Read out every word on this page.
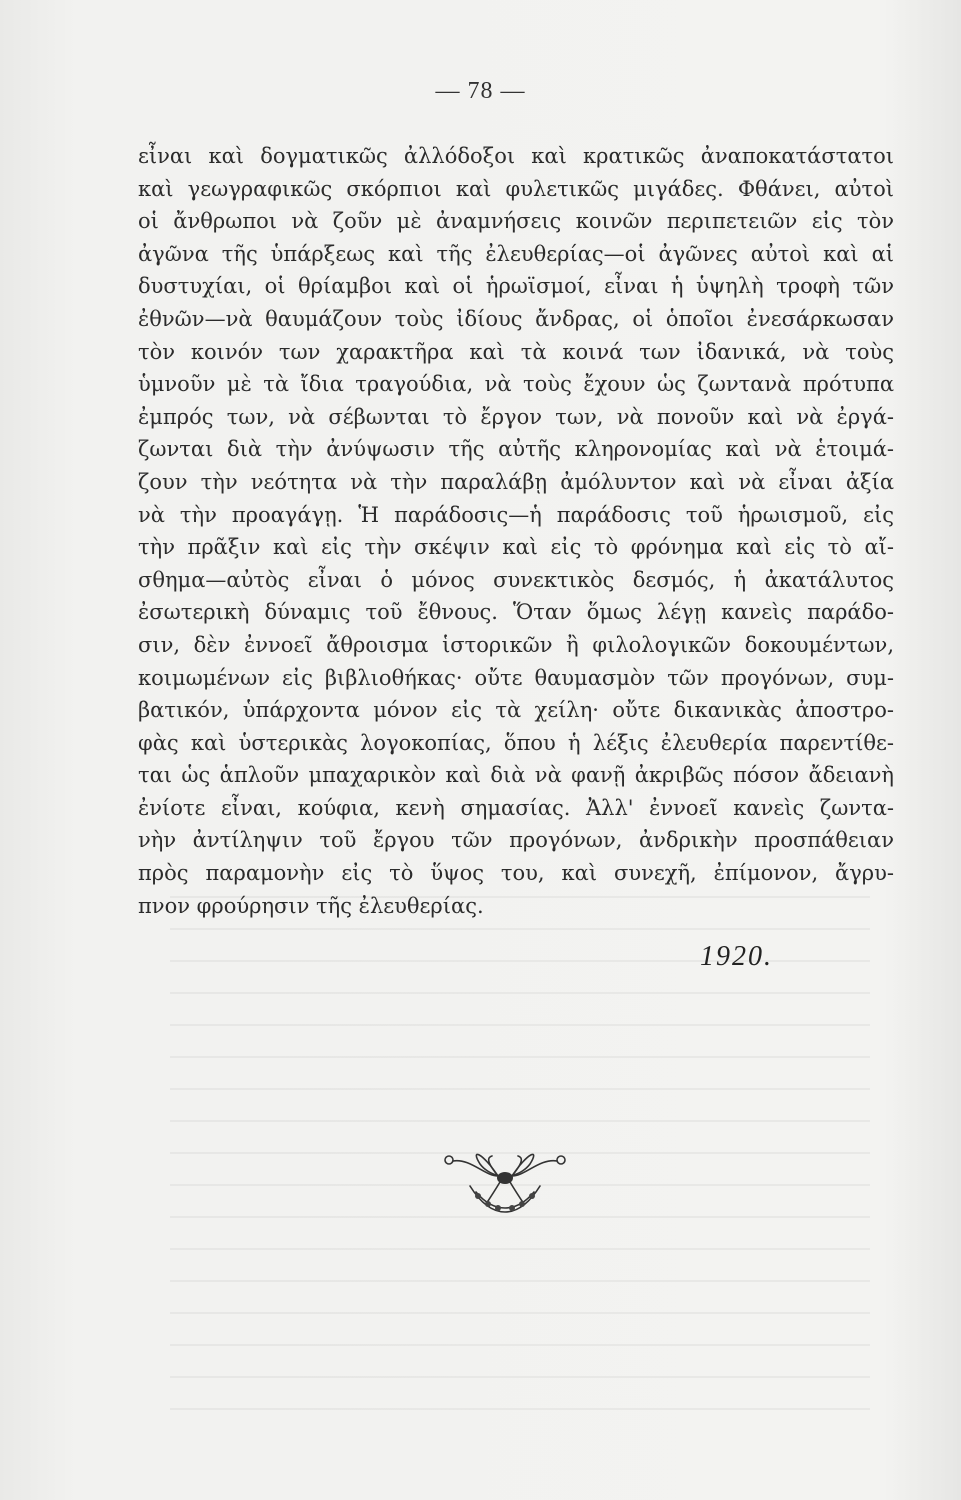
— 78 —
εἶναι καὶ δογματικῶς ἀλλόδοξοι καὶ κρατικῶς ἀναποκατάστατοι
καὶ γεωγραφικῶς σκόρπιοι καὶ φυλετικῶς μιγάδες. Φθάνει, αὐτοὶ
οἱ ἄνθρωποι νὰ ζοῦν μὲ ἀναμνήσεις κοινῶν περιπετειῶν εἰς τὸν
ἀγῶνα τῆς ὑπάρξεως καὶ τῆς ἐλευθερίας—οἱ ἀγῶνες αὐτοὶ καὶ αἱ
δυστυχίαι, οἱ θρίαμβοι καὶ οἱ ἡρωϊσμοί, εἶναι ἡ ὑψηλὴ τροφὴ τῶν
ἐθνῶν—νὰ θαυμάζουν τοὺς ἰδίους ἄνδρας, οἱ ὁποῖοι ἐνεσάρκωσαν
τὸν κοινόν των χαρακτῆρα καὶ τὰ κοινά των ἰδανικά, νὰ τοὺς
ὑμνοῦν μὲ τὰ ἴδια τραγούδια, νὰ τοὺς ἔχουν ὡς ζωντανὰ πρότυπα
ἐμπρός των, νὰ σέβωνται τὸ ἔργον των, νὰ πονοῦν καὶ νὰ ἐργά-
ζωνται διὰ τὴν ἀνύψωσιν τῆς αὐτῆς κληρονομίας καὶ νὰ ἑτοιμά-
ζουν τὴν νεότητα νὰ τὴν παραλάβῃ ἀμόλυντον καὶ νὰ εἶναι ἀξία
νὰ τὴν προαγάγῃ. Ἡ παράδοσις—ἡ παράδοσις τοῦ ἡρωισμοῦ, εἰς
τὴν πρᾶξιν καὶ εἰς τὴν σκέψιν καὶ εἰς τὸ φρόνημα καὶ εἰς τὸ αἴ-
σθημα—αὐτὸς εἶναι ὁ μόνος συνεκτικὸς δεσμός, ἡ ἀκατάλυτος
ἐσωτερικὴ δύναμις τοῦ ἔθνους. Ὅταν ὅμως λέγῃ κανεὶς παράδο-
σιν, δὲν ἐννοεῖ ἄθροισμα ἱστορικῶν ἢ φιλολογικῶν δοκουμέντων,
κοιμωμένων εἰς βιβλιοθήκας· οὔτε θαυμασμὸν τῶν προγόνων, συμ-
βατικόν, ὑπάρχοντα μόνον εἰς τὰ χείλη· οὔτε δικανικὰς ἀποστρο-
φὰς καὶ ὑστερικὰς λογοκοπίας, ὅπου ἡ λέξις ἐλευθερία παρεντίθε-
ται ὡς ἁπλοῦν μπαχαρικὸν καὶ διὰ νὰ φανῇ ἀκριβῶς πόσον ἄδειανὴ
ἐνίοτε εἶναι, κούφια, κενὴ σημασίας. Ἀλλ' ἐννοεῖ κανεὶς ζωντα-
νὴν ἀντίληψιν τοῦ ἔργου τῶν προγόνων, ἀνδρικὴν προσπάθειαν
πρὸς παραμονὴν εἰς τὸ ὕψος του, καὶ συνεχῆ, ἐπίμονον, ἄγρυ-
πνον φρούρησιν τῆς ἐλευθερίας.
1920.
